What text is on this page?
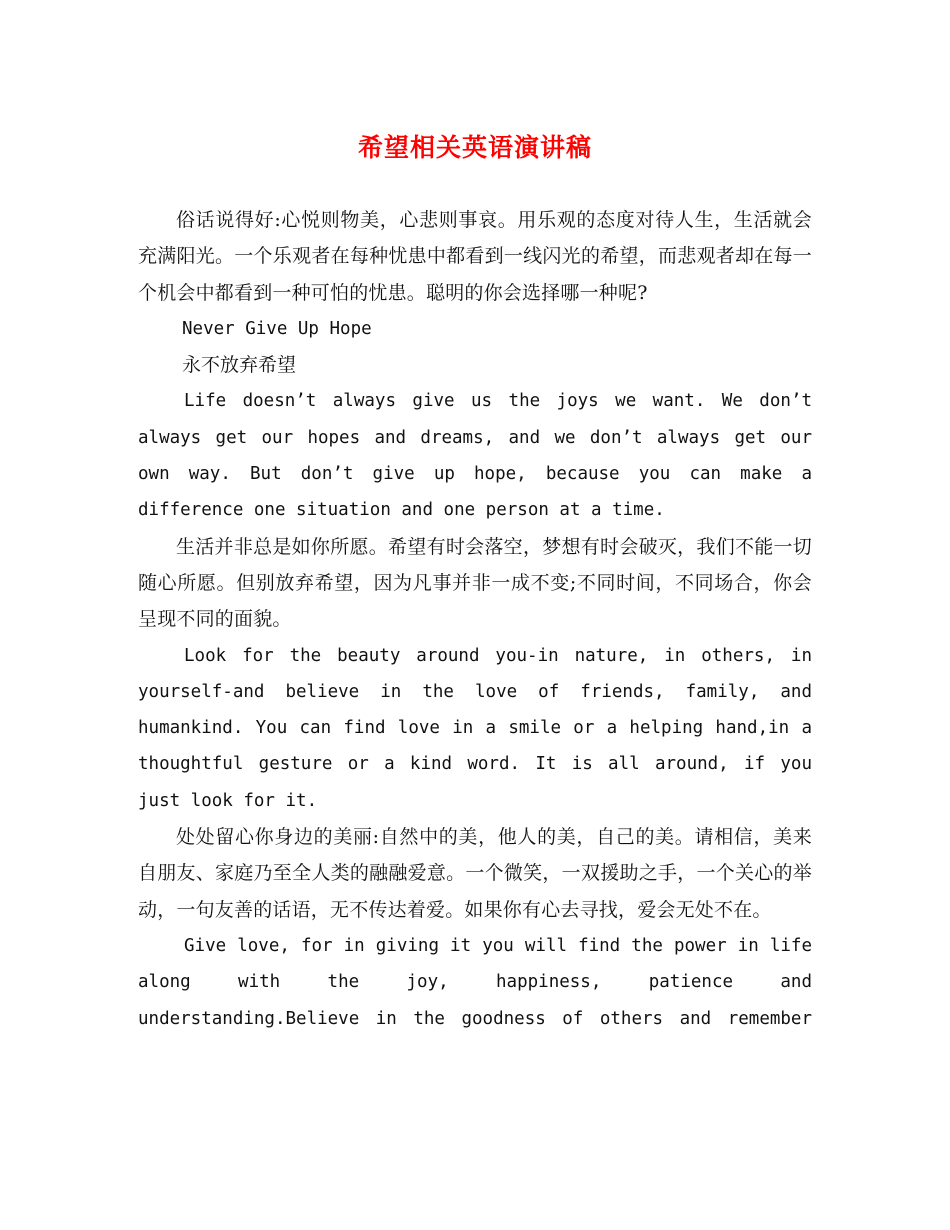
希望相关英语演讲稿

俗话说得好:心悦则物美，心悲则事哀。用乐观的态度对待人生，生活就会充满阳光。一个乐观者在每种忧患中都看到一线闪光的希望，而悲观者却在每一个机会中都看到一种可怕的忧患。聪明的你会选择哪一种呢?

Never Give Up Hope

永不放弃希望

Life doesn’t always give us the joys we want. We don’t always get our hopes and dreams, and we don’t always get our own way. But don’t give up hope, because you can make a difference one situation and one person at a time.

生活并非总是如你所愿。希望有时会落空，梦想有时会破灭，我们不能一切随心所愿。但别放弃希望，因为凡事并非一成不变;不同时间，不同场合，你会呈现不同的面貌。

Look for the beauty around you-in nature, in others, in yourself-and believe in the love of friends, family, and humankind. You can find love in a smile or a helping hand,in a thoughtful gesture or a kind word. It is all around, if you just look for it.

处处留心你身边的美丽:自然中的美，他人的美，自己的美。请相信，美来自朋友、家庭乃至全人类的融融爱意。一个微笑，一双援助之手，一个关心的举动，一句友善的话语，无不传达着爱。如果你有心去寻找，爱会无处不在。

Give love, for in giving it you will find the power in life along with the joy, happiness, patience and understanding.Believe in the goodness of others and remember
